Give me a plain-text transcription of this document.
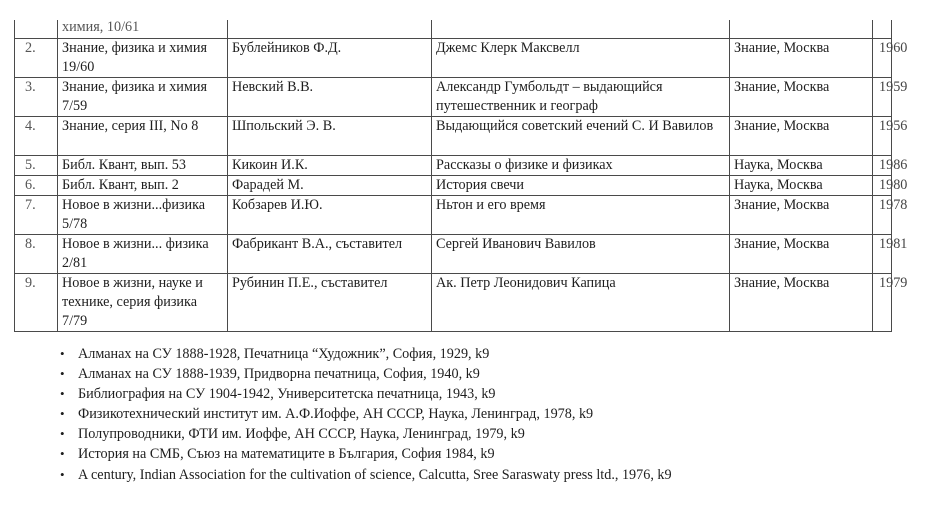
	химия, 10/61				
2.	Знание, физика и химия 19/60	Бублейников Ф.Д.	Джемс Клерк Максвелл	Знание, Москва	1960
3.	Знание, физика и химия 7/59	Невский В.В.	Александр Гумбольдт – выдающийся путешественник и географ	Знание, Москва	1959
4.	Знание, серия III, No 8	Шпольский Э. В.	Выдающийся советский ечений С. И Вавилов	Знание, Москва	1956
5.	Библ. Квант, вып. 53	Кикоин И.К.	Рассказы о физике и физиках	Наука, Москва	1986
6.	Библ. Квант, вып. 2	Фарадей М.	История свечи	Наука, Москва	1980
7.	Новое в жизни...физика 5/78	Кобзарев И.Ю.	Ньтон и его время	Знание, Москва	1978
8.	Новое в жизни... физика 2/81	Фабрикант В.А., съставител	Сергей Иванович Вавилов	Знание, Москва	1981
9.	Новое в жизни, науке и технике, серия физика 7/79	Рубинин П.Е., съставител	Ак. Петр Леонидович Капица	Знание, Москва	1979
• Алманах на СУ 1888-1928, Печатница “Художник”, София, 1929, k9
• Алманах на СУ 1888-1939, Придворна печатница, София, 1940, k9
• Библиография на СУ 1904-1942, Университетска печатница, 1943, k9
• Физикотехнический институт им. А.Ф.Иоффе, АН СССР, Наука, Ленинград, 1978, k9
• Полупроводники, ФТИ им. Иоффе, АН СССР, Наука, Ленинград, 1979, k9
• История на СМБ, Съюз на математиците в България, София 1984, k9
• A century, Indian Association for the cultivation of science, Calcutta, Sree Saraswaty press ltd., 1976, k9
